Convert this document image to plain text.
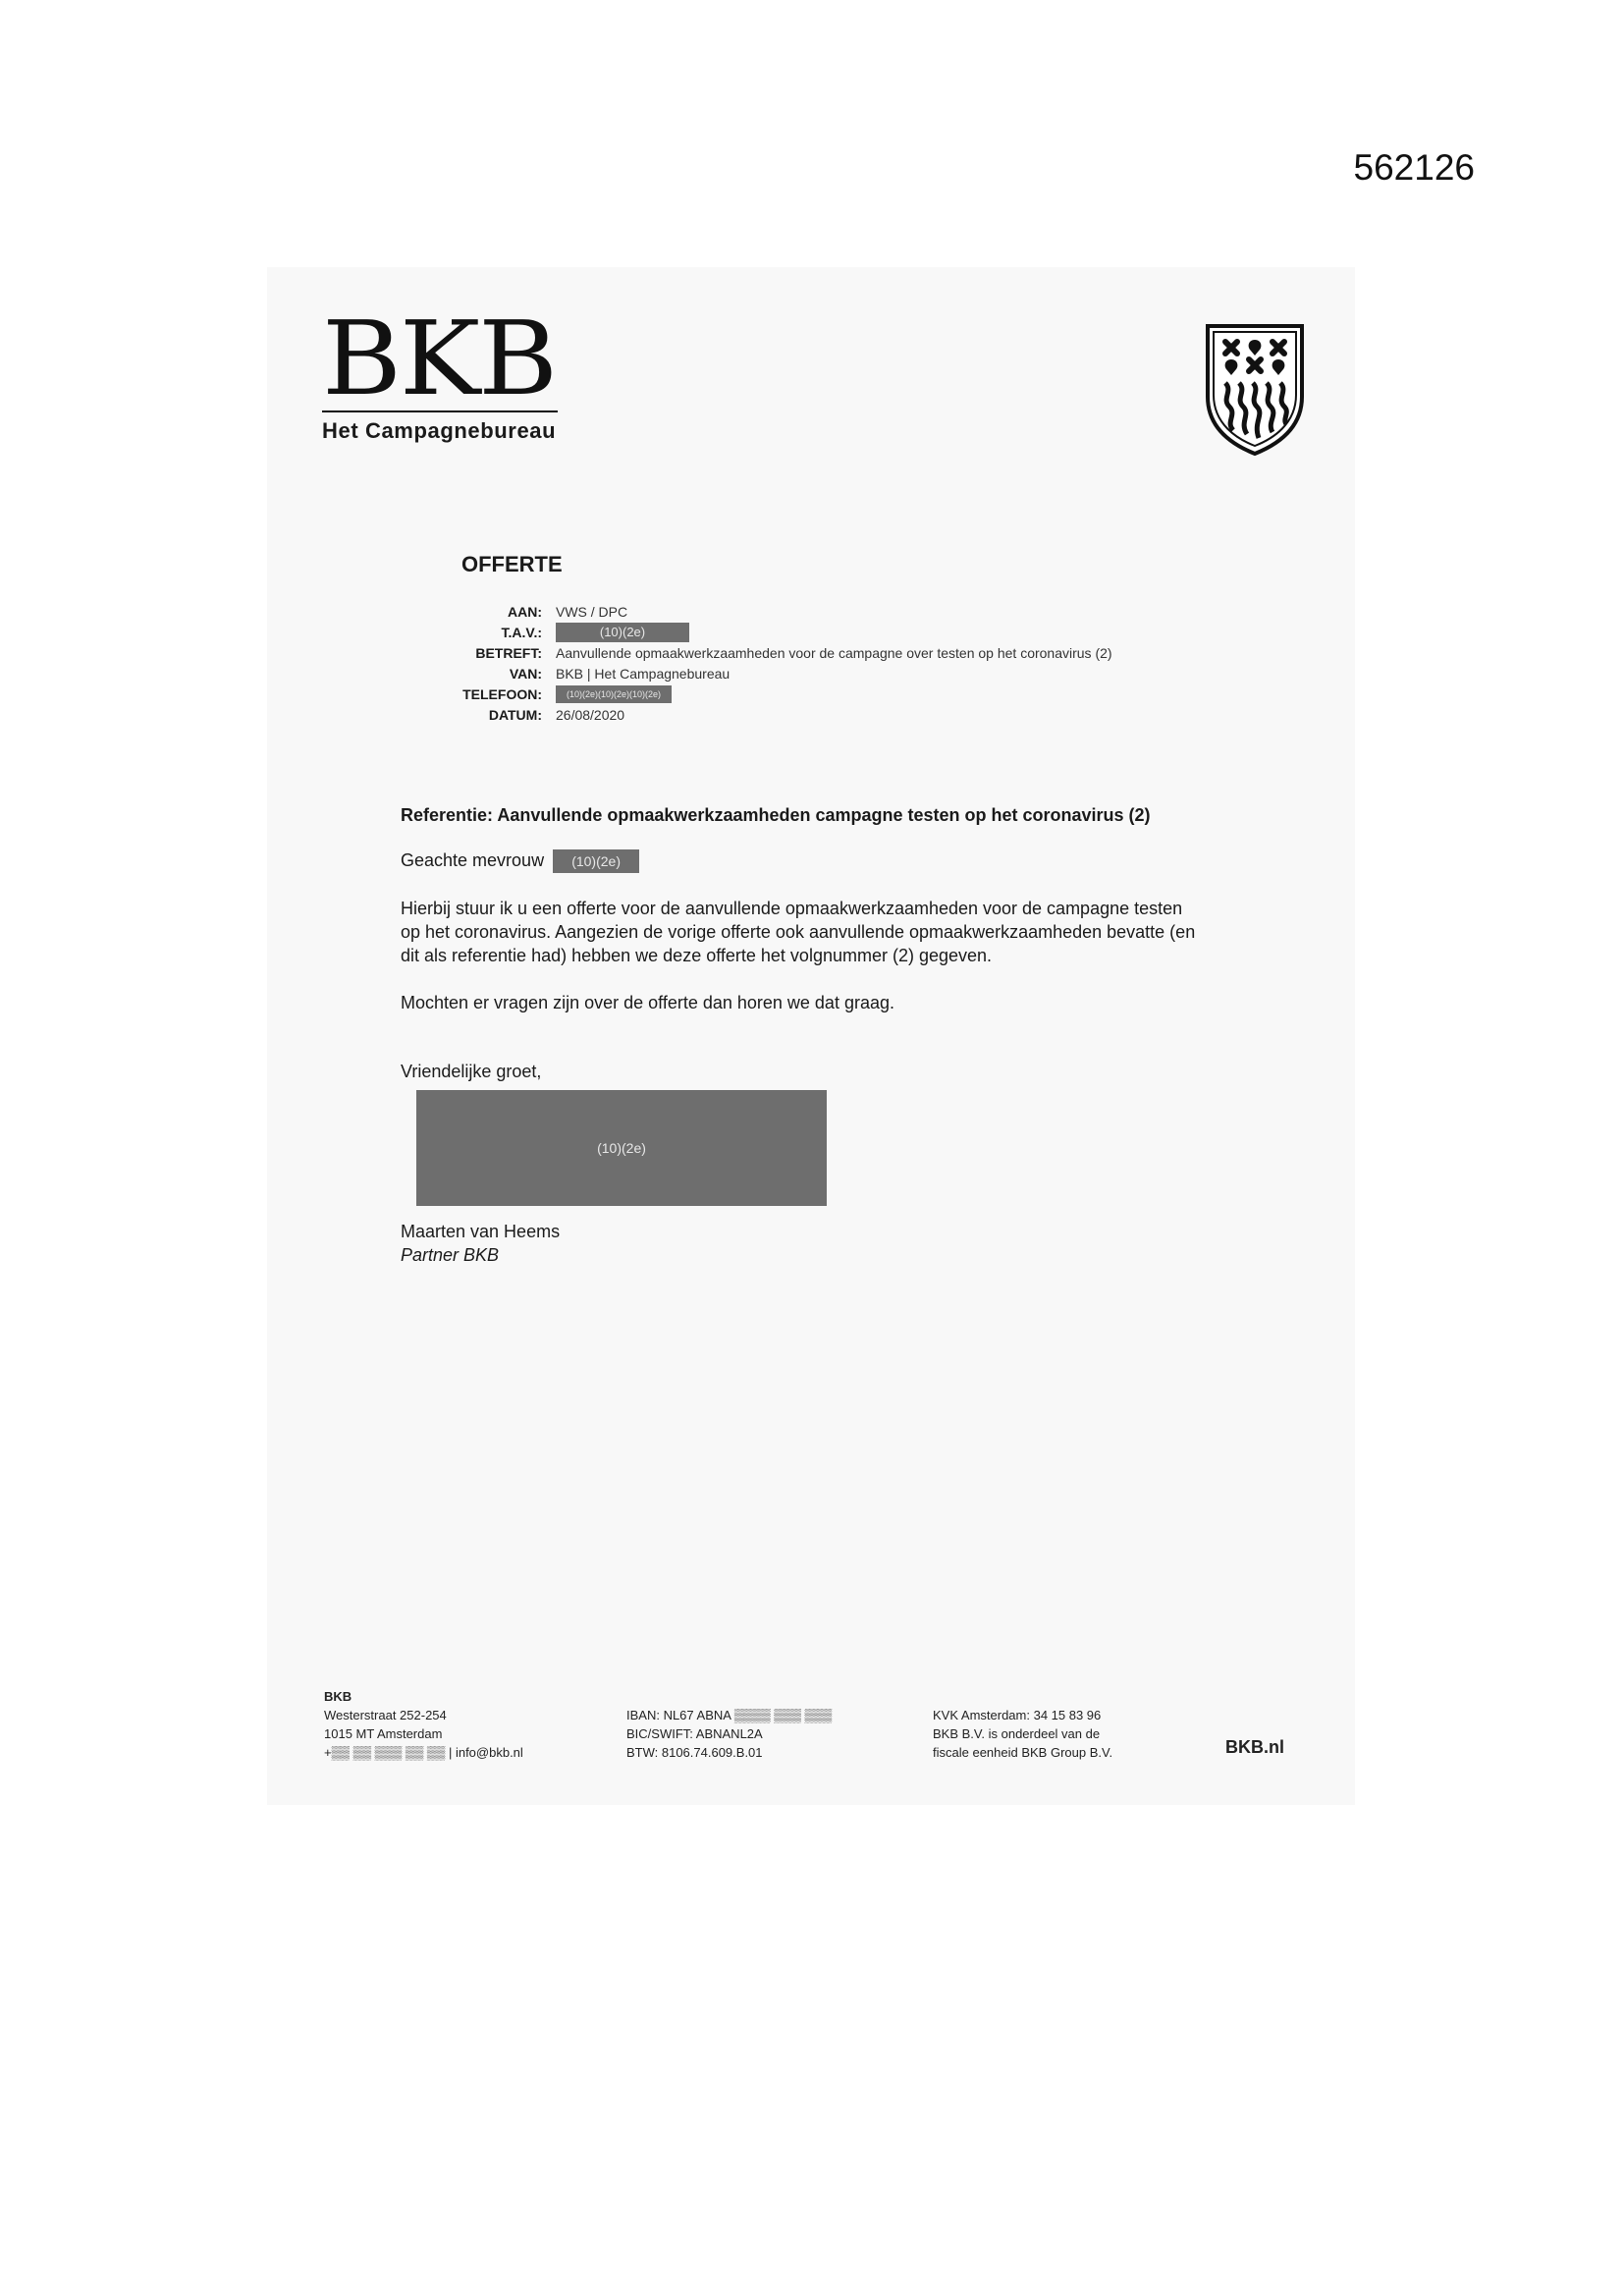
562126
BKB
Het Campagnebureau
OFFERTE
AAN:	VWS / DPC
T.A.V.:	(10)(2e)
BETREFT:	Aanvullende opmaakwerkzaamheden voor de campagne over testen op het coronavirus (2)
VAN:	BKB | Het Campagnebureau
TELEFOON:	(10)(2e)(10)(2e)(10)(2e)
DATUM:	26/08/2020

Referentie: Aanvullende opmaakwerkzaamheden campagne testen op het coronavirus (2)

Geachte mevrouw (10)(2e)

Hierbij stuur ik u een offerte voor de aanvullende opmaakwerkzaamheden voor de campagne testen op het coronavirus. Aangezien de vorige offerte ook aanvullende opmaakwerkzaamheden bevatte (en dit als referentie had) hebben we deze offerte het volgnummer (2) gegeven.

Mochten er vragen zijn over de offerte dan horen we dat graag.

Vriendelijke groet,

(10)(2e)
Maarten van Heems
Partner BKB
BKB
Westerstraat 252-254
1015 MT Amsterdam
+▒▒ ▒▒ ▒▒▒ ▒▒ ▒▒ | info@bkb.nl
IBAN: NL67 ABNA ▒▒▒▒ ▒▒▒ ▒▒▒
BIC/SWIFT: ABNANL2A
BTW: 8106.74.609.B.01
KVK Amsterdam: 34 15 83 96
BKB B.V. is onderdeel van de
fiscale eenheid BKB Group B.V.	BKB.nl
